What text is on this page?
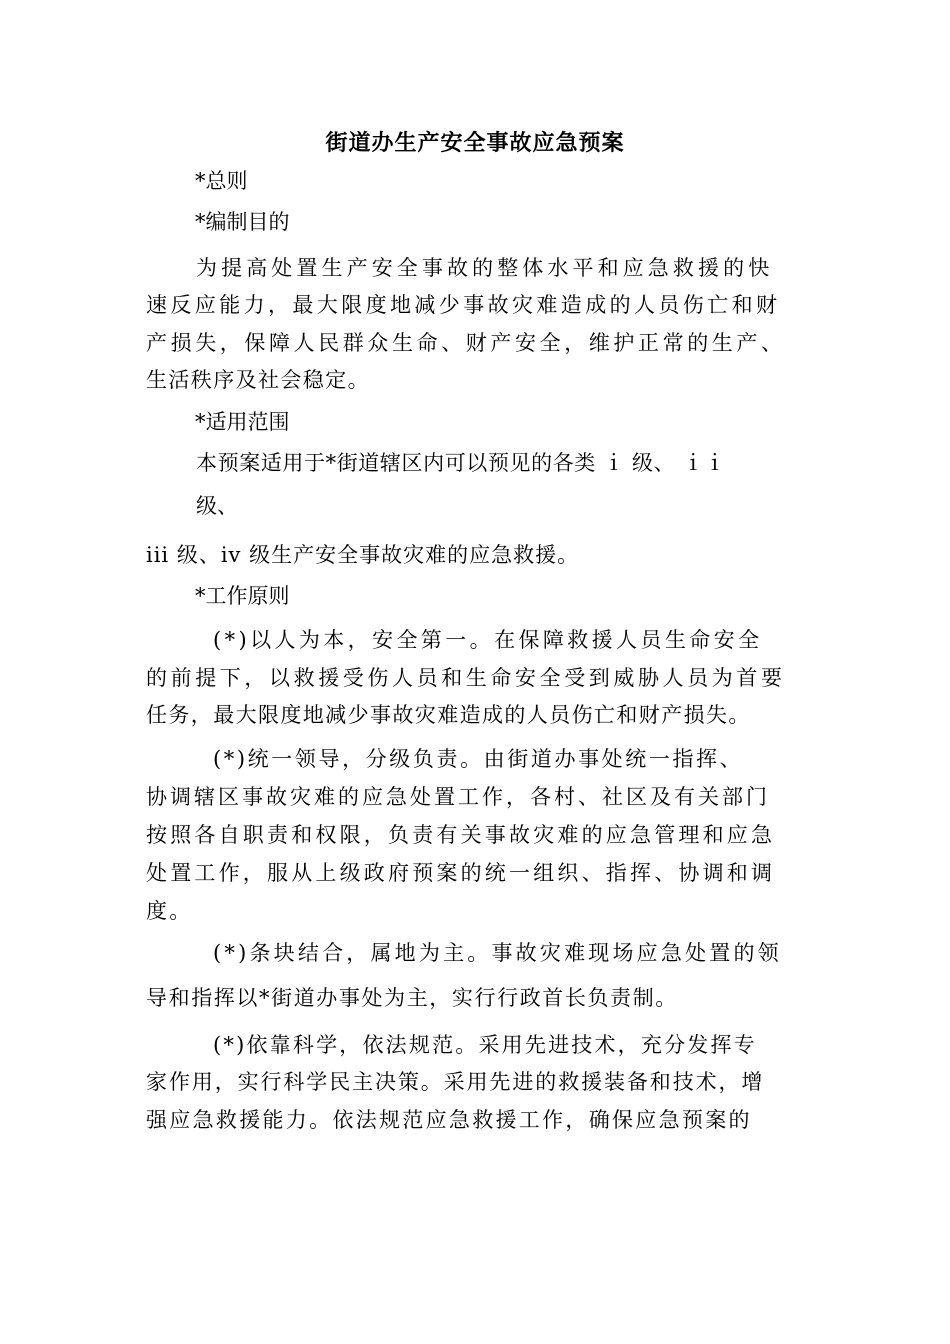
街道办生产安全事故应急预案
*总则
*编制目的
为提高处置生产安全事故的整体水平和应急救援的快
速反应能力，最大限度地减少事故灾难造成的人员伤亡和财
产损失，保障人民群众生命、财产安全，维护正常的生产、
生活秩序及社会稳定。
*适用范围
本预案适用于*街道辖区内可以预见的各类 ｉ 级、 ｉｉ
级、
iii 级、iv 级生产安全事故灾难的应急救援。
*工作原则
(*)以人为本，安全第一。在保障救援人员生命安全
的前提下，以救援受伤人员和生命安全受到威胁人员为首要
任务，最大限度地减少事故灾难造成的人员伤亡和财产损失。
(*)统一领导，分级负责。由街道办事处统一指挥、
协调辖区事故灾难的应急处置工作，各村、社区及有关部门
按照各自职责和权限，负责有关事故灾难的应急管理和应急
处置工作，服从上级政府预案的统一组织、指挥、协调和调
度。
(*)条块结合，属地为主。事故灾难现场应急处置的领
导和指挥以*街道办事处为主，实行行政首长负责制。
(*)依靠科学，依法规范。采用先进技术，充分发挥专
家作用，实行科学民主决策。采用先进的救援装备和技术，增
强应急救援能力。依法规范应急救援工作，确保应急预案的
